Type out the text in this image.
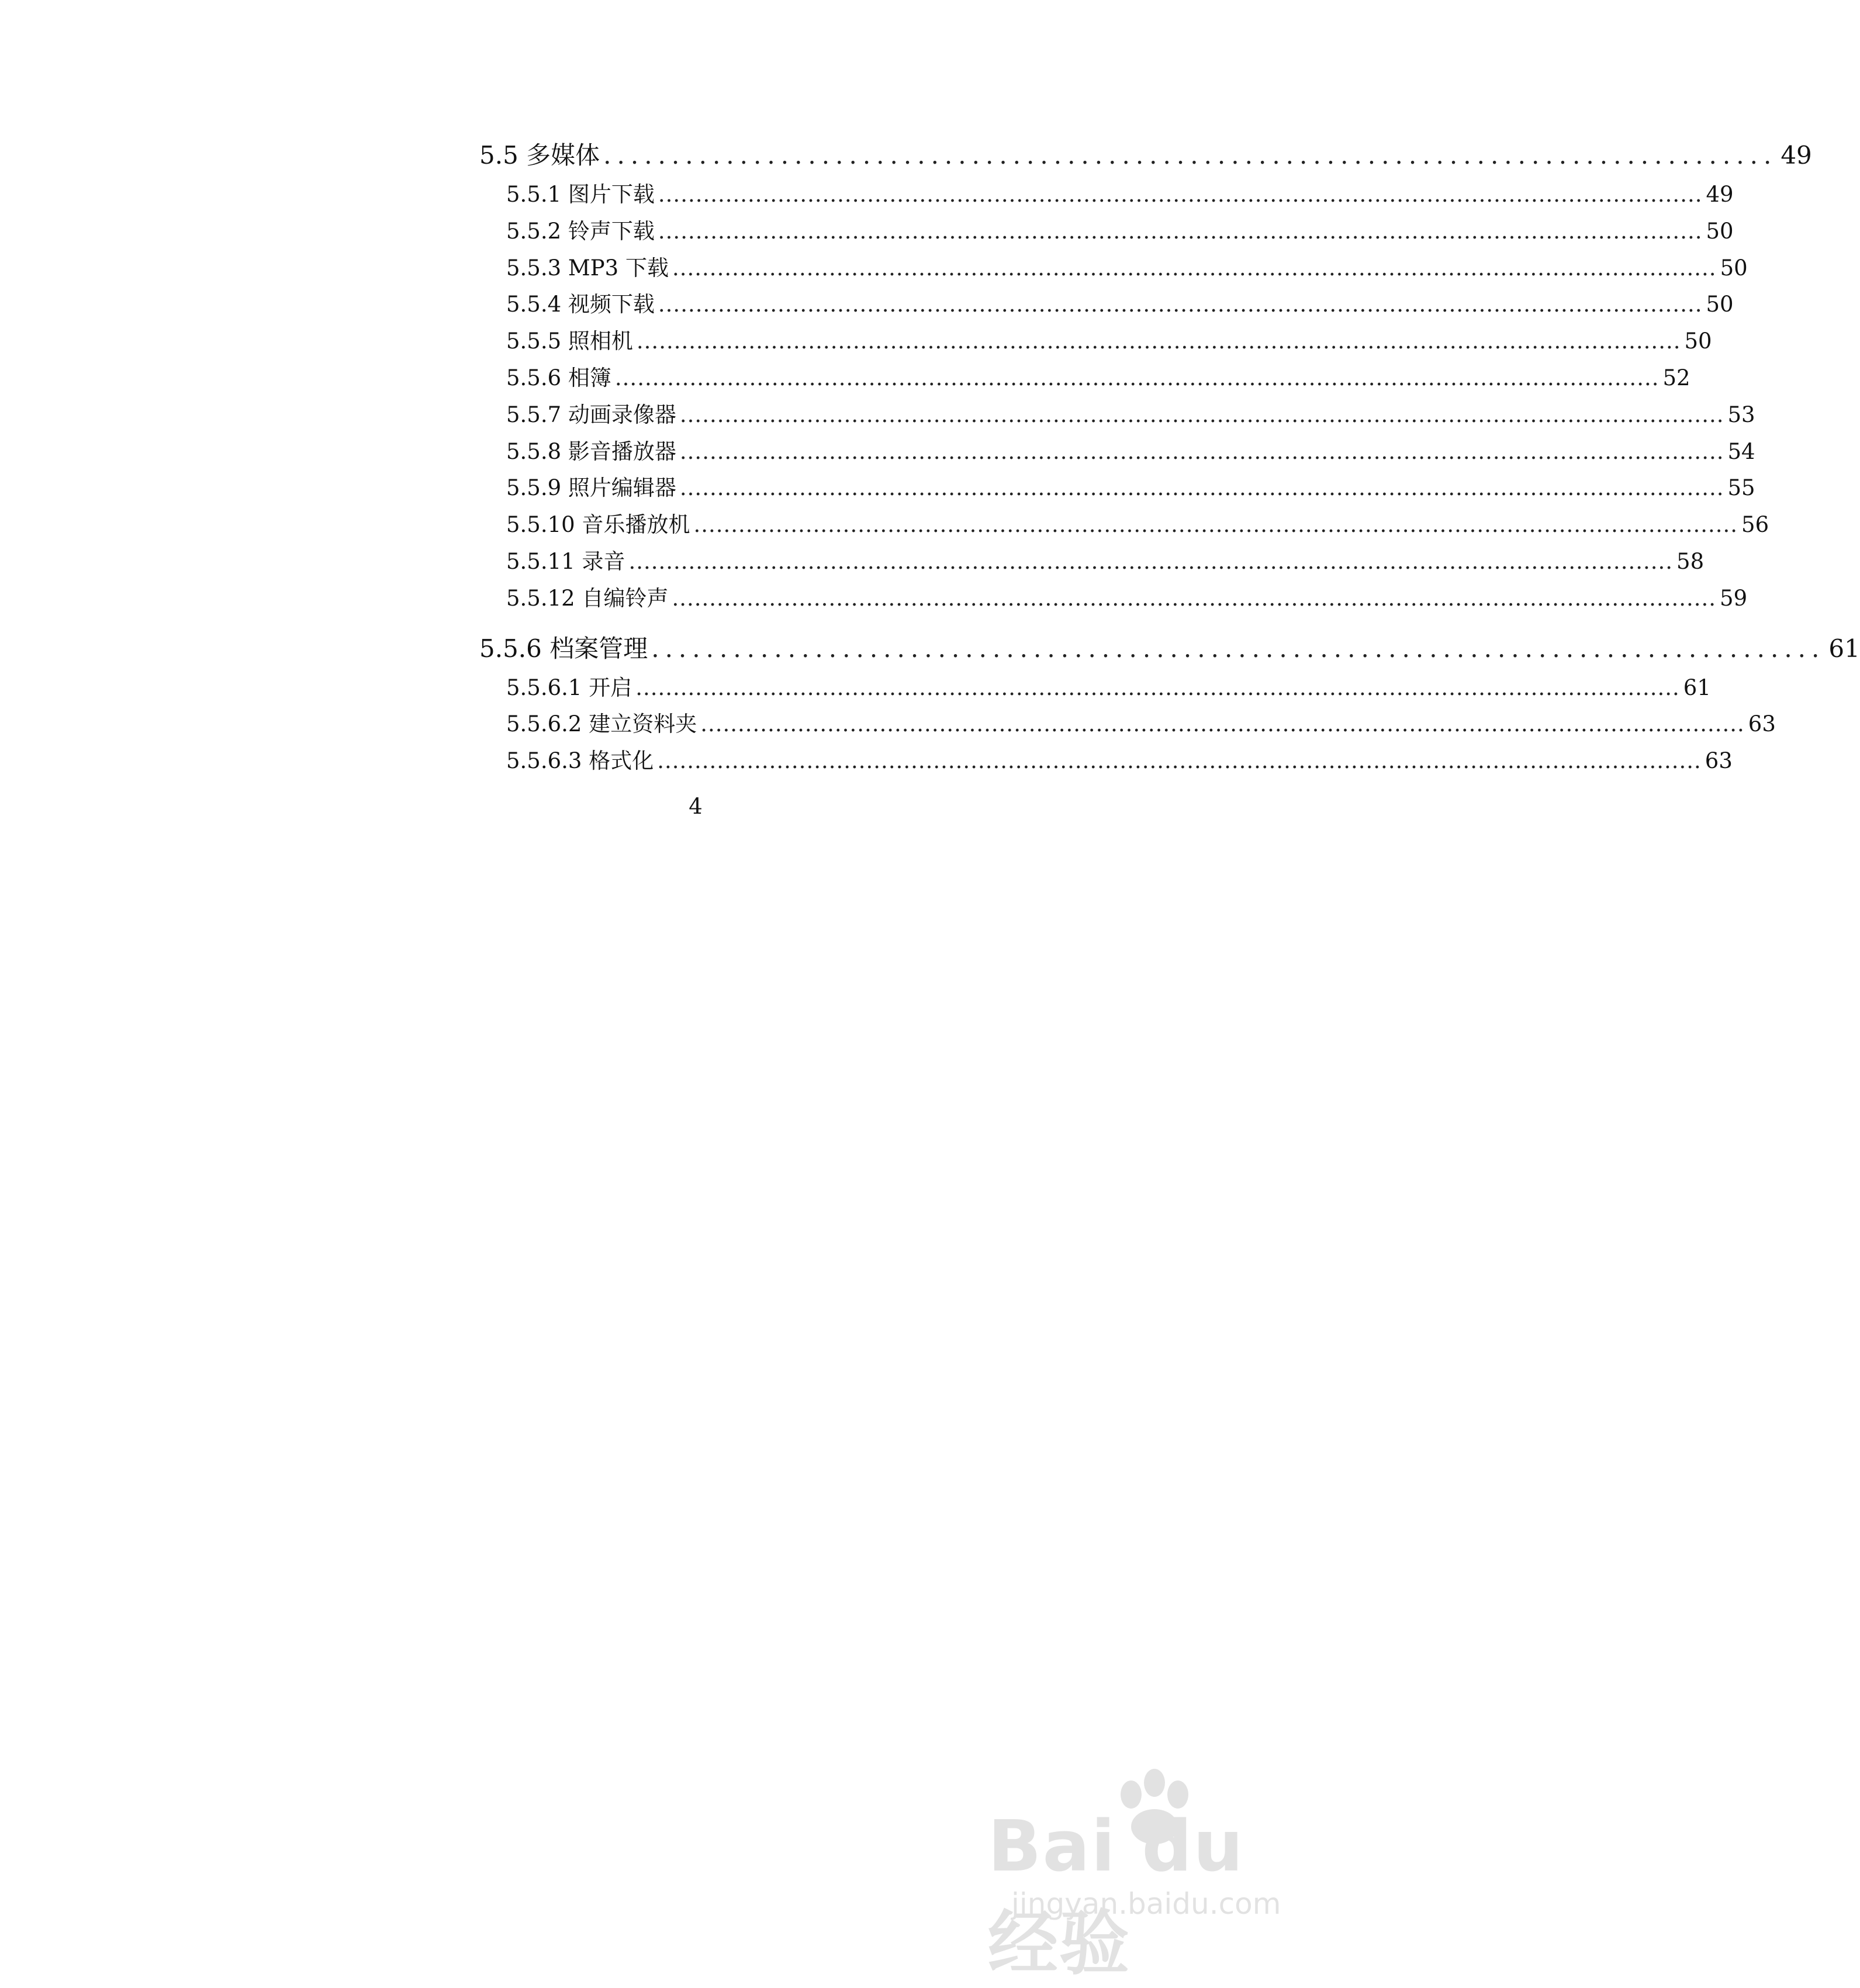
5.5 多媒体 ...................................................................................... 49
5.5.1 图片下载 ............................................................................................................................................ 49
5.5.2 铃声下载 ............................................................................................................................................ 50
5.5.3 MP3 下载 ............................................................................................................................................ 50
5.5.4 视频下载 ............................................................................................................................................ 50
5.5.5 照相机 ............................................................................................................................................ 50
5.5.6 相簿 ............................................................................................................................................ 52
5.5.7 动画录像器 ............................................................................................................................................ 53
5.5.8 影音播放器 ............................................................................................................................................ 54
5.5.9 照片编辑器 ............................................................................................................................................ 55
5.5.10 音乐播放机 ............................................................................................................................................ 56
5.5.11 录音 ............................................................................................................................................ 58
5.5.12 自编铃声 ............................................................................................................................................ 59
5.5.6 档案管理 ...................................................................................... 61
5.5.6.1 开启 ............................................................................................................................................ 61
5.5.6.2 建立资料夹 ............................................................................................................................................ 63
5.5.6.3 格式化 ............................................................................................................................................ 63
4
Bai du 经验
jingyan.baidu.com
